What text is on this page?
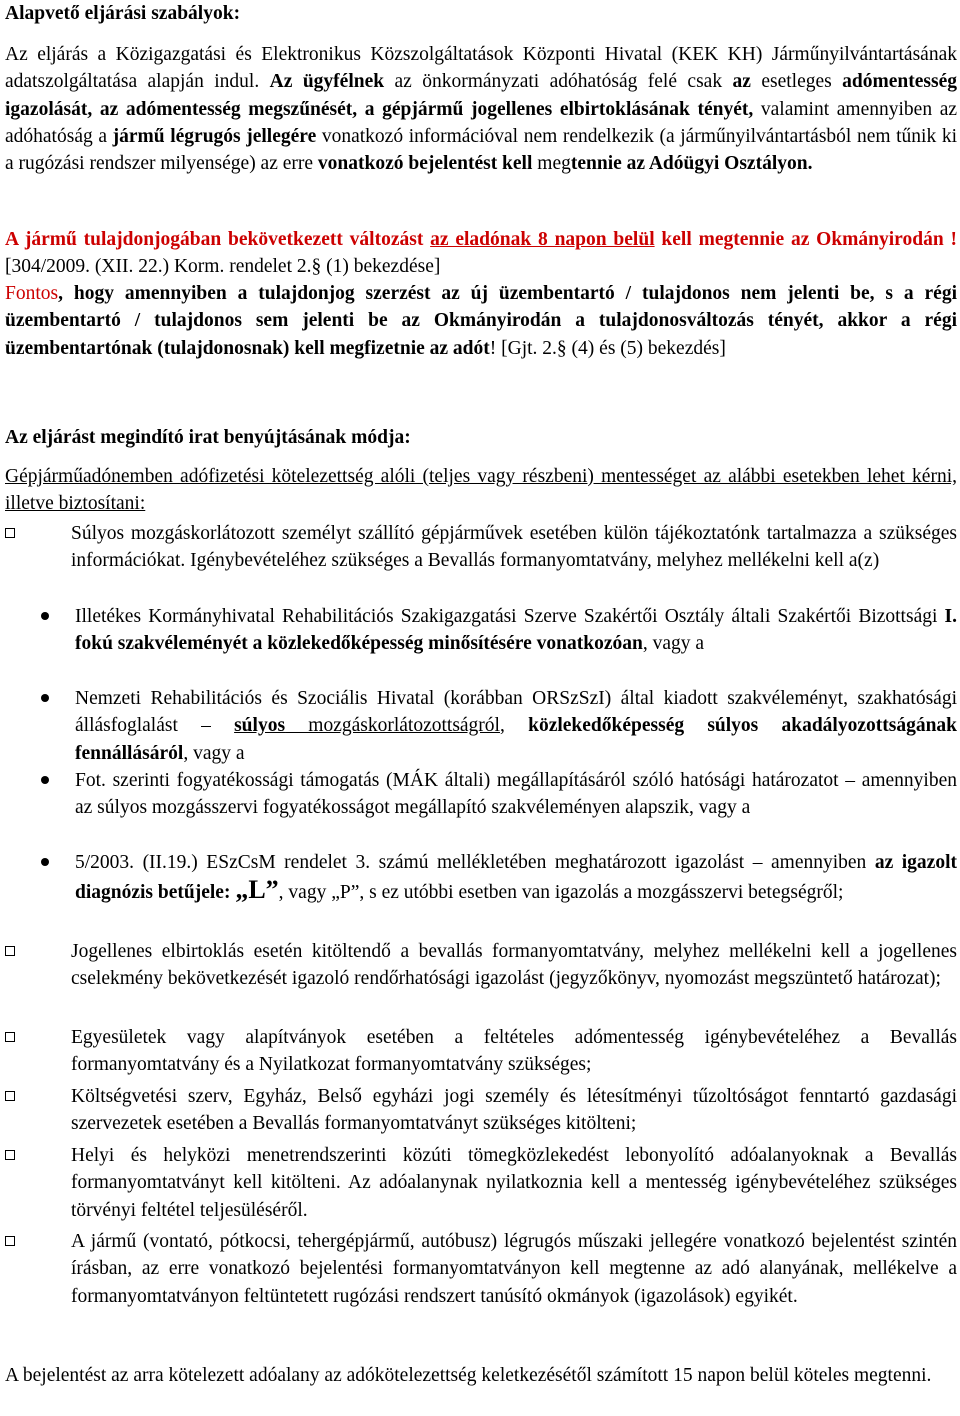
Alapvető eljárási szabályok:

Az eljárás a Közigazgatási és Elektronikus Közszolgáltatások Központi Hivatal (KEK KH) Járműnyilvántartásának adatszolgáltatása alapján indul. Az ügyfélnek az önkormányzati adóhatóság felé csak az esetleges adómentesség igazolását, az adómentesség megszűnését, a gépjármű jogellenes elbirtoklásának tényét, valamint amennyiben az adóhatóság a jármű légrugós jellegére vonatkozó információval nem rendelkezik (a járműnyilvántartásból nem tűnik ki a rugózási rendszer milyensége) az erre vonatkozó bejelentést kell megtennie az Adóügyi Osztályon.

A jármű tulajdonjogában bekövetkezett változást az eladónak 8 napon belül kell megtennie az Okmányirodán ! [304/2009. (XII. 22.) Korm. rendelet 2.§ (1) bekezdése]

Fontos, hogy amennyiben a tulajdonjog szerzést az új üzembentartó / tulajdonos nem jelenti be, s a régi üzembentartó / tulajdonos sem jelenti be az Okmányirodán a tulajdonosváltozás tényét, akkor a régi üzembentartónak (tulajdonosnak) kell megfizetnie az adót! [Gjt. 2.§ (4) és (5) bekezdés]

Az eljárást megindító irat benyújtásának módja:

Gépjárműadónemben adófizetési kötelezettség alóli (teljes vagy részbeni) mentességet az alábbi esetekben lehet kérni, illetve biztosítani:

Súlyos mozgáskorlátozott személyt szállító gépjárművek esetében külön tájékoztatónk tartalmazza a szükséges információkat. Igénybevételéhez szükséges a Bevallás formanyomtatvány, melyhez mellékelni kell a(z)
Illetékes Kormányhivatal Rehabilitációs Szakigazgatási Szerve Szakértői Osztály általi Szakértői Bizottsági I. fokú szakvéleményét a közlekedőképesség minősítésére vonatkozóan, vagy a
Nemzeti Rehabilitációs és Szociális Hivatal (korábban ORSzSzI) által kiadott szakvéleményt, szakhatósági állásfoglalást – súlyos mozgáskorlátozottságról, közlekedőképesség súlyos akadályozottságának fennállásáról, vagy a
Fot. szerinti fogyatékossági támogatás (MÁK általi) megállapításáról szóló hatósági határozatot – amennyiben az súlyos mozgásszervi fogyatékosságot megállapító szakvéleményen alapszik, vagy a
5/2003. (II.19.) ESzCsM rendelet 3. számú mellékletében meghatározott igazolást – amennyiben az igazolt diagnózis betűjele: „L”, vagy „P”, s ez utóbbi esetben van igazolás a mozgásszervi betegségről;
Jogellenes elbirtoklás esetén kitöltendő a bevallás formanyomtatvány, melyhez mellékelni kell a jogellenes cselekmény bekövetkezését igazoló rendőrhatósági igazolást (jegyzőkönyv, nyomozást megszüntető határozat);
Egyesületek vagy alapítványok esetében a feltételes adómentesség igénybevételéhez a Bevallás formanyomtatvány és a Nyilatkozat formanyomtatvány szükséges;
Költségvetési szerv, Egyház, Belső egyházi jogi személy és létesítményi tűzoltóságot fenntartó gazdasági szervezetek esetében a Bevallás formanyomtatványt szükséges kitölteni;
Helyi és helyközi menetrendszerinti közúti tömegközlekedést lebonyolító adóalanyoknak a Bevallás formanyomtatványt kell kitölteni. Az adóalanynak nyilatkoznia kell a mentesség igénybevételéhez szükséges törvényi feltétel teljesüléséről.
A jármű (vontató, pótkocsi, tehergépjármű, autóbusz) légrugós műszaki jellegére vonatkozó bejelentést szintén írásban, az erre vonatkozó bejelentési formanyomtatványon kell megtenne az adó alanyának, mellékelve a formanyomtatványon feltüntetett rugózási rendszert tanúsító okmányok (igazolások) egyikét.

A bejelentést az arra kötelezett adóalany az adókötelezettség keletkezésétől számított 15 napon belül köteles megtenni.
